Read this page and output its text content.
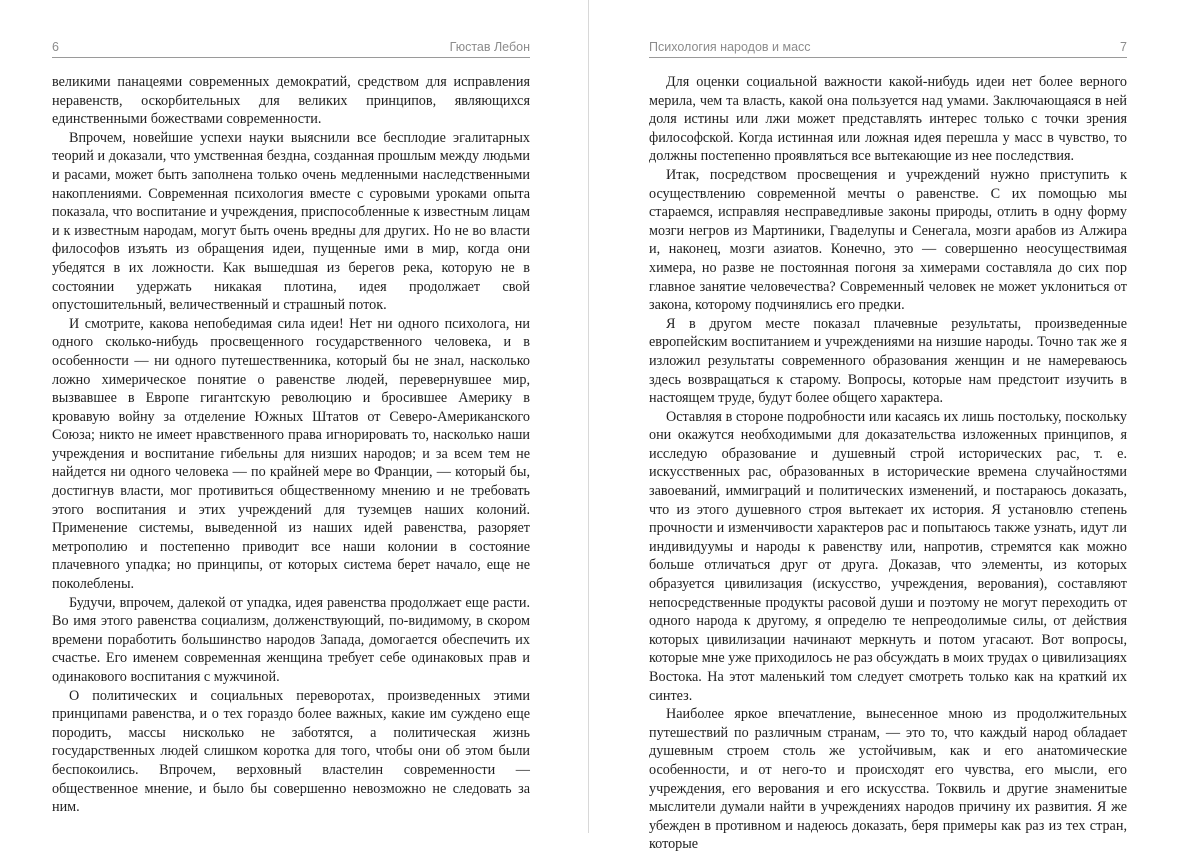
6	Гюстав Лебон

великими панацеями современных демократий, средством для исправления неравенств, оскорбительных для великих принципов, являющихся единственными божествами современности.

Впрочем, новейшие успехи науки выяснили все бесплодие эгалитарных теорий и доказали, что умственная бездна, созданная прошлым между людьми и расами, может быть заполнена только очень медленными наследственными накоплениями. Современная психология вместе с суровыми уроками опыта показала, что воспитание и учреждения, приспособленные к известным лицам и к известным народам, могут быть очень вредны для других. Но не во власти философов изъять из обращения идеи, пущенные ими в мир, когда они убедятся в их ложности. Как вышедшая из берегов река, которую не в состоянии удержать никакая плотина, идея продолжает свой опустошительный, величественный и страшный поток.

И смотрите, какова непобедимая сила идеи! Нет ни одного психолога, ни одного сколько-нибудь просвещенного государственного человека, и в особенности — ни одного путешественника, который бы не знал, насколько ложно химерическое понятие о равенстве людей, перевернувшее мир, вызвавшее в Европе гигантскую революцию и бросившее Америку в кровавую войну за отделение Южных Штатов от Северо-Американского Союза; никто не имеет нравственного права игнорировать то, насколько наши учреждения и воспитание гибельны для низших народов; и за всем тем не найдется ни одного человека — по крайней мере во Франции, — который бы, достигнув власти, мог противиться общественному мнению и не требовать этого воспитания и этих учреждений для туземцев наших колоний. Применение системы, выведенной из наших идей равенства, разоряет метрополию и постепенно приводит все наши колонии в состояние плачевного упадка; но принципы, от которых система берет начало, еще не поколеблены.

Будучи, впрочем, далекой от упадка, идея равенства продолжает еще расти. Во имя этого равенства социализм, долженствующий, по-видимому, в скором времени поработить большинство народов Запада, домогается обеспечить их счастье. Его именем современная женщина требует себе одинаковых прав и одинакового воспитания с мужчиной.

О политических и социальных переворотах, произведенных этими принципами равенства, и о тех гораздо более важных, какие им суждено еще породить, массы нисколько не заботятся, а политическая жизнь государственных людей слишком коротка для того, чтобы они об этом были беспокоились. Впрочем, верховный властелин современности — общественное мнение, и было бы совершенно невозможно не следовать за ним.

Психология народов и масс	7

Для оценки социальной важности какой-нибудь идеи нет более верного мерила, чем та власть, какой она пользуется над умами. Заключающаяся в ней доля истины или лжи может представлять интерес только с точки зрения философской. Когда истинная или ложная идея перешла у масс в чувство, то должны постепенно проявляться все вытекающие из нее последствия.

Итак, посредством просвещения и учреждений нужно приступить к осуществлению современной мечты о равенстве. С их помощью мы стараемся, исправляя несправедливые законы природы, отлить в одну форму мозги негров из Мартиники, Гваделупы и Сенегала, мозги арабов из Алжира и, наконец, мозги азиатов. Конечно, это — совершенно неосуществимая химера, но разве не постоянная погоня за химерами составляла до сих пор главное занятие человечества? Современный человек не может уклониться от закона, которому подчинялись его предки.

Я в другом месте показал плачевные результаты, произведенные европейским воспитанием и учреждениями на низшие народы. Точно так же я изложил результаты современного образования женщин и не намереваюсь здесь возвращаться к старому. Вопросы, которые нам предстоит изучить в настоящем труде, будут более общего характера.

Оставляя в стороне подробности или касаясь их лишь постольку, поскольку они окажутся необходимыми для доказательства изложенных принципов, я исследую образование и душевный строй исторических рас, т. е. искусственных рас, образованных в исторические времена случайностями завоеваний, иммиграций и политических изменений, и постараюсь доказать, что из этого душевного строя вытекает их история. Я установлю степень прочности и изменчивости характеров рас и попытаюсь также узнать, идут ли индивидуумы и народы к равенству или, напротив, стремятся как можно больше отличаться друг от друга. Доказав, что элементы, из которых образуется цивилизация (искусство, учреждения, верования), составляют непосредственные продукты расовой души и поэтому не могут переходить от одного народа к другому, я определю те непреодолимые силы, от действия которых цивилизации начинают меркнуть и потом угасают. Вот вопросы, которые мне уже приходилось не раз обсуждать в моих трудах о цивилизациях Востока. На этот маленький том следует смотреть только как на краткий их синтез.

Наиболее яркое впечатление, вынесенное мною из продолжительных путешествий по различным странам, — это то, что каждый народ обладает душевным строем столь же устойчивым, как и его анатомические особенности, и от него-то и происходят его чувства, его мысли, его учреждения, его верования и его искусства. Токвиль и другие знаменитые мыслители думали найти в учреждениях народов причину их развития. Я же убежден в противном и надеюсь доказать, беря примеры как раз из тех стран, которые
